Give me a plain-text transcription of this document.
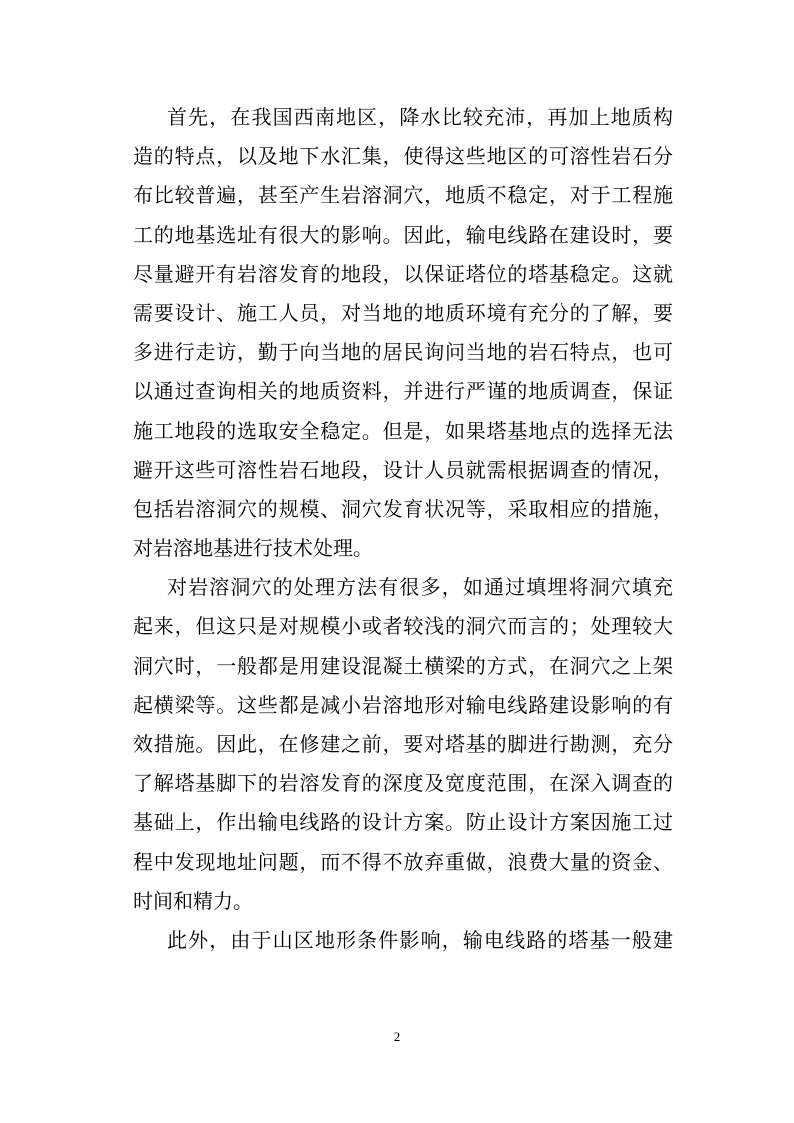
首先，在我国西南地区，降水比较充沛，再加上地质构
造的特点，以及地下水汇集，使得这些地区的可溶性岩石分
布比较普遍，甚至产生岩溶洞穴，地质不稳定，对于工程施
工的地基选址有很大的影响。因此，输电线路在建设时，要
尽量避开有岩溶发育的地段，以保证塔位的塔基稳定。这就
需要设计、施工人员，对当地的地质环境有充分的了解，要
多进行走访，勤于向当地的居民询问当地的岩石特点，也可
以通过查询相关的地质资料，并进行严谨的地质调查，保证
施工地段的选取安全稳定。但是，如果塔基地点的选择无法
避开这些可溶性岩石地段，设计人员就需根据调查的情况，
包括岩溶洞穴的规模、洞穴发育状况等，采取相应的措施，
对岩溶地基进行技术处理。
对岩溶洞穴的处理方法有很多，如通过填埋将洞穴填充
起来，但这只是对规模小或者较浅的洞穴而言的；处理较大
洞穴时，一般都是用建设混凝土横梁的方式，在洞穴之上架
起横梁等。这些都是减小岩溶地形对输电线路建设影响的有
效措施。因此，在修建之前，要对塔基的脚进行勘测，充分
了解塔基脚下的岩溶发育的深度及宽度范围，在深入调查的
基础上，作出输电线路的设计方案。防止设计方案因施工过
程中发现地址问题，而不得不放弃重做，浪费大量的资金、
时间和精力。
此外，由于山区地形条件影响，输电线路的塔基一般建
2
